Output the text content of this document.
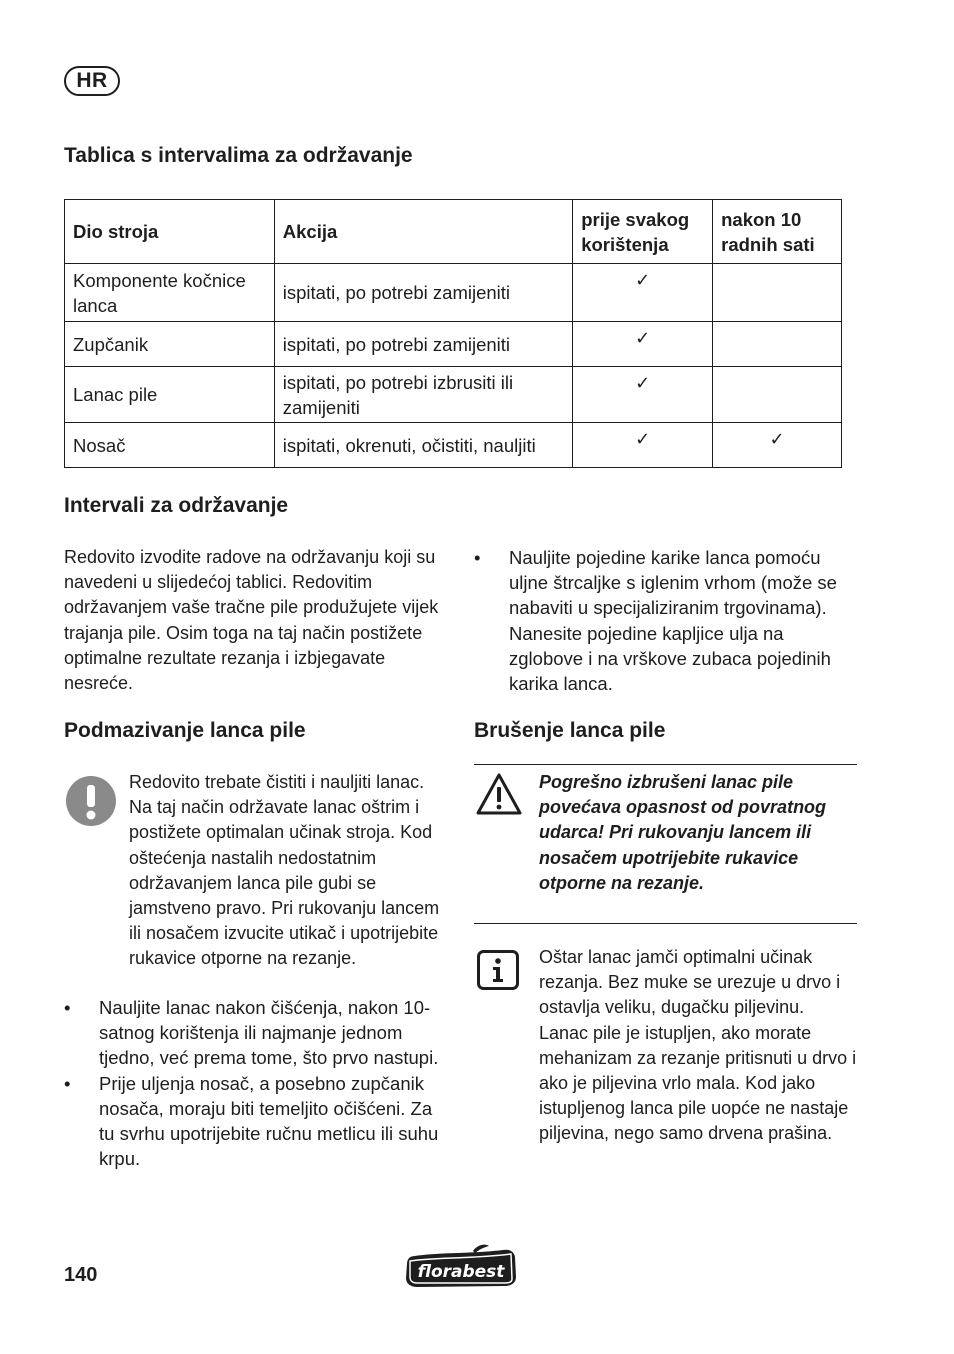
HR
Tablica s intervalima za održavanje
Dio stroja	Akcija	prije svakog korištenja	nakon 10 radnih sati
Komponente kočnice lanca	ispitati, po potrebi zamijeniti	✓	
Zupčanik	ispitati, po potrebi zamijeniti	✓	
Lanac pile	ispitati, po potrebi izbrusiti ili zamijeniti	✓	
Nosač	ispitati, okrenuti, očistiti, nauljiti	✓	✓
Intervali za održavanje
Redovito izvodite radove na održavanju koji su navedeni u slijedećoj tablici. Redovitim održavanjem vaše tračne pile produžujete vijek trajanja pile. Osim toga na taj način postižete optimalne rezultate rezanja i izbjegavate nesreće.
• Nauljite pojedine karike lanca pomoću uljne štrcaljke s iglenim vrhom (može se nabaviti u specijaliziranim trgovinama). Nanesite pojedine kapljice ulja na zglobove i na vrškove zubaca pojedinih karika lanca.
Podmazivanje lanca pile
Redovito trebate čistiti i nauljiti lanac. Na taj način održavate lanac oštrim i postižete optimalan učinak stroja. Kod oštećenja nastalih nedostatnim održavanjem lanca pile gubi se jamstveno pravo. Pri rukovanju lancem ili nosačem izvucite utikač i upotrijebite rukavice otporne na rezanje.
• Nauljite lanac nakon čišćenja, nakon 10-satnog korištenja ili najmanje jednom tjedno, već prema tome, što prvo nastupi.
• Prije uljenja nosač, a posebno zupčanik nosača, moraju biti temeljito očišćeni. Za tu svrhu upotrijebite ručnu metlicu ili suhu krpu.
Brušenje lanca pile
Pogrešno izbrušeni lanac pile povećava opasnost od povratnog udarca! Pri rukovanju lancem ili nosačem upotrijebite rukavice otporne na rezanje.
Oštar lanac jamči optimalni učinak rezanja. Bez muke se urezuje u drvo i ostavlja veliku, dugačku piljevinu. Lanac pile je istupljen, ako morate mehanizam za rezanje pritisnuti u drvo i ako je piljevina vrlo mala. Kod jako istupljenog lanca pile uopće ne nastaje piljevina, nego samo drvena prašina.
140	florabest
